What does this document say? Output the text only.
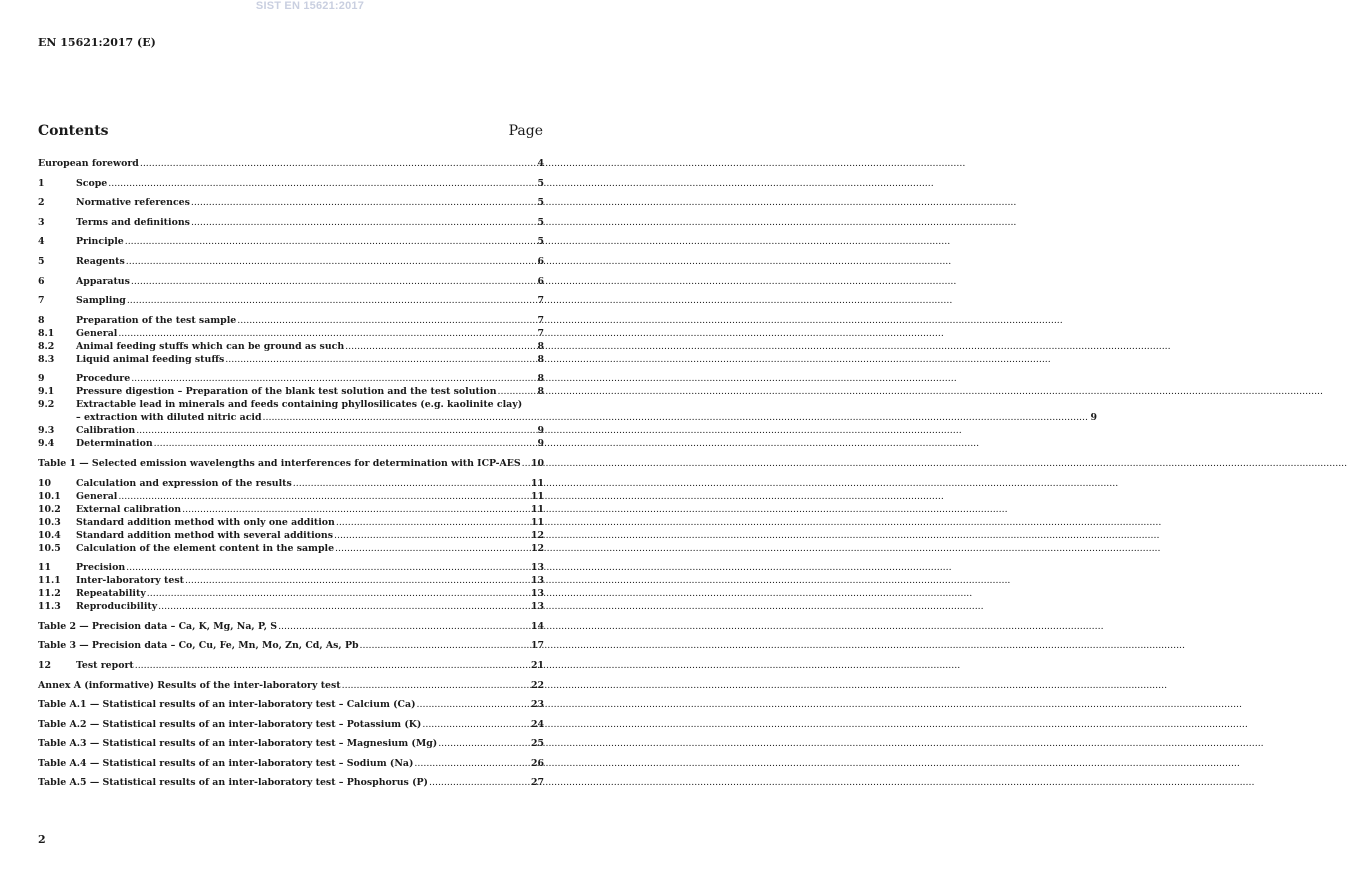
SIST EN 15621:2017
EN 15621:2017 (E)
Contents	Page
European foreword .....	4
1	Scope .....	5
2	Normative references .....	5
3	Terms and definitions .....	5
4	Principle .....	5
5	Reagents .....	6
6	Apparatus .....	6
7	Sampling .....	7
8	Preparation of the test sample .....	7
8.1	General .....	7
8.2	Animal feeding stuffs which can be ground as such .....	8
8.3	Liquid animal feeding stuffs .....	8
9	Procedure .....	8
9.1	Pressure digestion – Preparation of the blank test solution and the test solution .....	8
9.2	Extractable lead in minerals and feeds containing phyllosilicates (e.g. kaolinite clay)
– extraction with diluted nitric acid .....	9
9.3	Calibration .....	9
9.4	Determination .....	9
Table 1 — Selected emission wavelengths and interferences for determination with ICP-AES ..... 10
10	Calculation and expression of the results .....	11
10.1	General .....	11
10.2	External calibration .....	11
10.3	Standard addition method with only one addition .....	11
10.4	Standard addition method with several additions .....	12
10.5	Calculation of the element content in the sample .....	12
11	Precision .....	13
11.1	Inter-laboratory test .....	13
11.2	Repeatability .....	13
11.3	Reproducibility .....	13
Table 2 — Precision data – Ca, K, Mg, Na, P, S .....	14
Table 3 — Precision data – Co, Cu, Fe, Mn, Mo, Zn, Cd, As, Pb .....	17
12	Test report .....	21
Annex A (informative) Results of the inter-laboratory test .....	22
Table A.1 — Statistical results of an inter-laboratory test – Calcium (Ca) .....	23
Table A.2 — Statistical results of an inter-laboratory test – Potassium (K) .....	24
Table A.3 — Statistical results of an inter-laboratory test – Magnesium (Mg) .....	25
Table A.4 — Statistical results of an inter-laboratory test – Sodium (Na) .....	26
Table A.5 — Statistical results of an inter-laboratory test – Phosphorus (P) .....	27
2
